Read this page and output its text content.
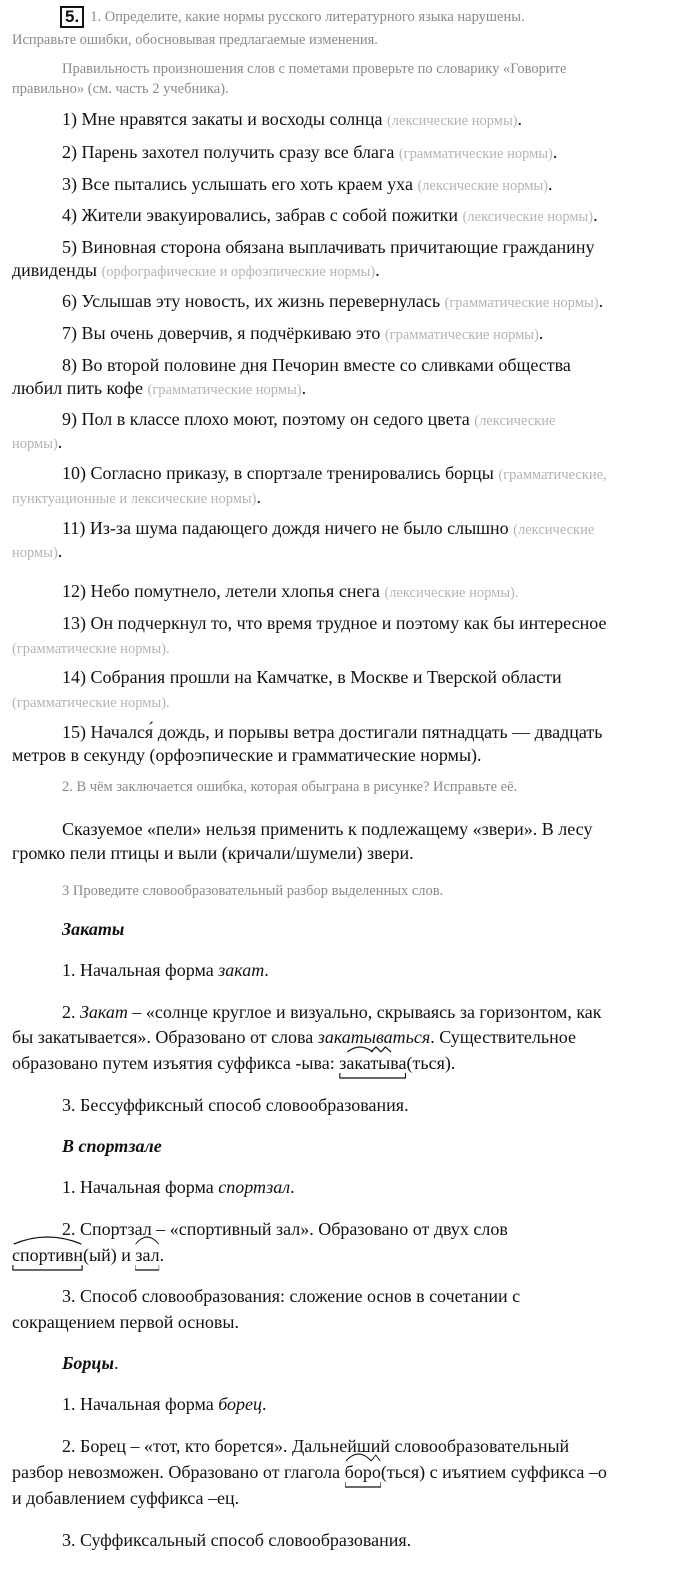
5. 1. Определите, какие нормы русского литературного языка нарушены.
Исправьте ошибки, обосновывая предлагаемые изменения.
Правильность произношения слов с пометами проверьте по словарику «Говорите
правильно» (см. часть 2 учебника).
1) Мне нравятся закаты и восходы солнца (лексические нормы).
2) Парень захотел получить сразу все блага (грамматические нормы).
3) Все пытались услышать его хоть краем уха (лексические нормы).
4) Жители эвакуировались, забрав с собой пожитки (лексические нормы).
5) Виновная сторона обязана выплачивать причитающие гражданину
дивиденды (орфографические и орфоэпические нормы).
6) Услышав эту новость, их жизнь перевернулась (грамматические нормы).
7) Вы очень доверчив, я подчёркиваю это (грамматические нормы).
8) Во второй половине дня Печорин вместе со сливками общества
любил пить кофе (грамматические нормы).
9) Пол в классе плохо моют, поэтому он седого цвета (лексические
нормы).
10) Согласно приказу, в спортзале тренировались борцы (грамматические,
пунктуационные и лексические нормы).
11) Из-за шума падающего дождя ничего не было слышно (лексические
нормы).
12) Небо помутнело, летели хлопья снега (лексические нормы).
13) Он подчеркнул то, что время трудное и поэтому как бы интересное
(грамматические нормы).
14) Собрания прошли на Камчатке, в Москве и Тверской области
(грамматические нормы).
15) Начался́ дождь, и порывы ветра достигали пятнадцать — двадцать
метров в секунду (орфоэпические и грамматические нормы).
2. В чём заключается ошибка, которая обыграна в рисунке? Исправьте её.
Сказуемое «пели» нельзя применить к подлежащему «звери». В лесу
громко пели птицы и выли (кричали/шумели) звери.
3 Проведите словообразовательный разбор выделенных слов.
Закаты
1. Начальная форма закат.
2. Закат – «солнце круглое и визуально, скрываясь за горизонтом, как
бы закатывается». Образовано от слова закатываться. Существительное
образовано путем изъятия суффикса -ыва: закатыва
(ться).
3. Бессуффиксный способ словообразования.
В спортзале
1. Начальная форма спортзал.
2. Спортзал – «спортивный зал». Образовано от двух слов
спортивн
(ый) и зал
.
3. Способ словообразования: сложение основ в сочетании с
сокращением первой основы.
Борцы.
1. Начальная форма борец.
2. Борец – «тот, кто борется». Дальнейший словообразовательный
разбор невозможен. Образовано от глагола боро
(ться) с иъятием суффикса –о
и добавлением суффикса –ец.
3. Суффиксальный способ словообразования.
